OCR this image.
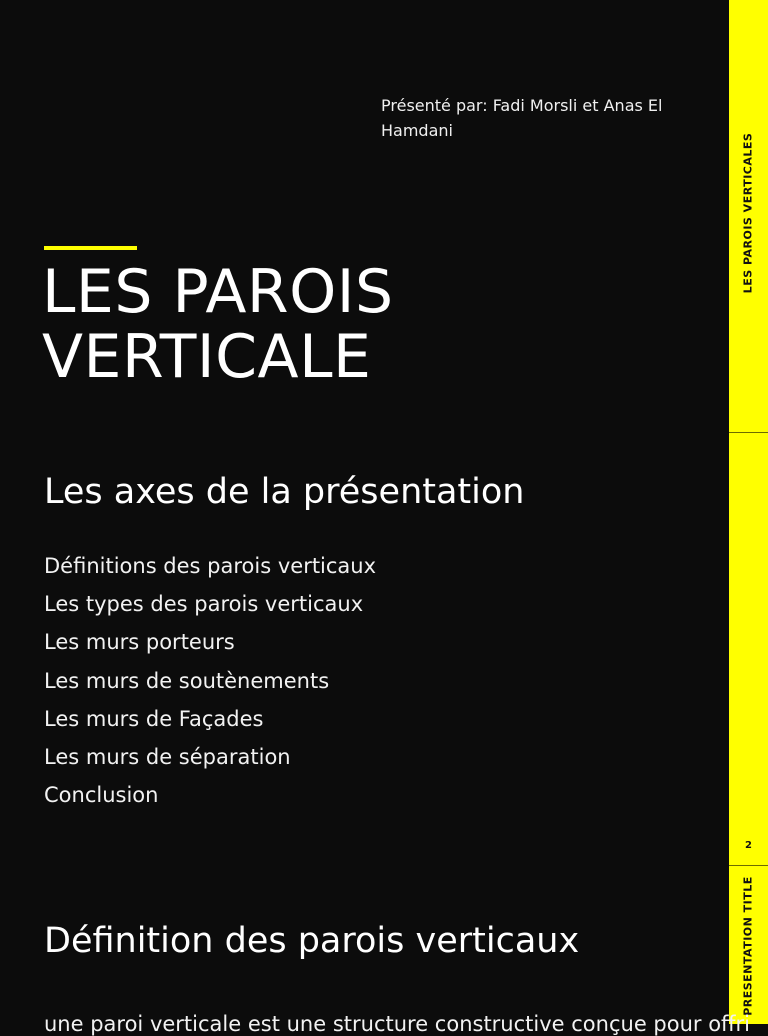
LES PAROIS VERTICALES
2
PRESENTATION TITLE
Présenté par: Fadi Morsli et Anas El Hamdani
LES PAROIS
VERTICALE
Les axes de la présentation
Définitions des parois verticaux
Les types des parois verticaux
Les murs porteurs
Les murs de soutènements
Les murs de Façades
Les murs de séparation
Conclusion
Définition des parois verticaux
une paroi verticale est une structure constructive conçue pour offri
